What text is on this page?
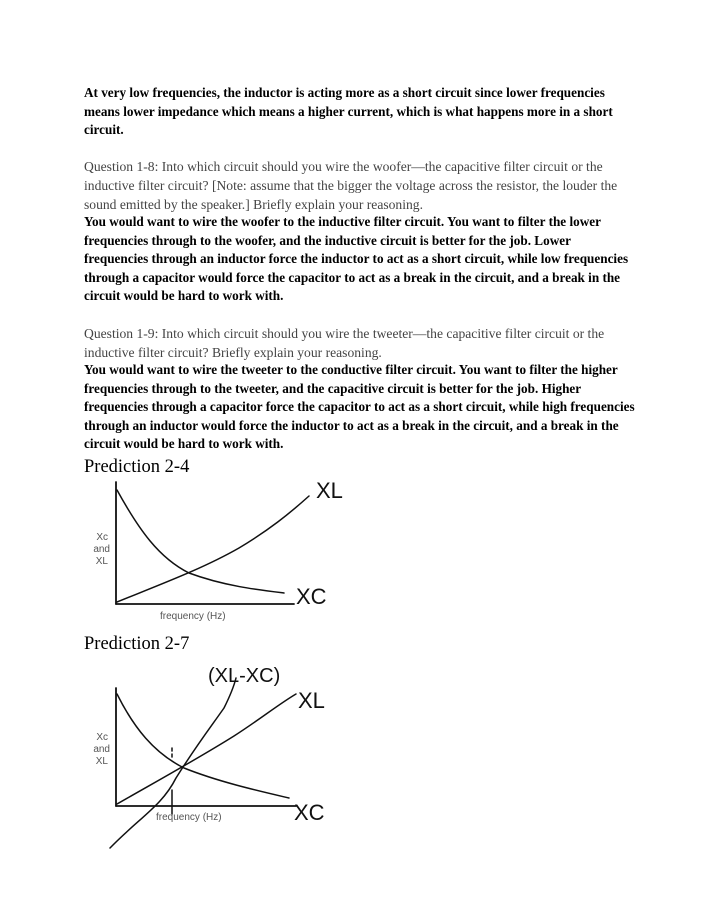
At very low frequencies, the inductor is acting more as a short circuit since lower frequencies means lower impedance which means a higher current, which is what happens more in a short circuit.

Question 1-8: Into which circuit should you wire the woofer—the capacitive filter circuit or the inductive filter circuit? [Note: assume that the bigger the voltage across the resistor, the louder the sound emitted by the speaker.] Briefly explain your reasoning.

You would want to wire the woofer to the inductive filter circuit. You want to filter the lower frequencies through to the woofer, and the inductive circuit is better for the job. Lower frequencies through an inductor force the inductor to act as a short circuit, while low frequencies through a capacitor would force the capacitor to act as a break in the circuit, and a break in the circuit would be hard to work with.

Question 1-9: Into which circuit should you wire the tweeter—the capacitive filter circuit or the inductive filter circuit? Briefly explain your reasoning.

You would want to wire the tweeter to the conductive filter circuit. You want to filter the higher frequencies through to the tweeter, and the capacitive circuit is better for the job. Higher frequencies through a capacitor force the capacitor to act as a short circuit, while high frequencies through an inductor would force the inductor to act as a break in the circuit, and a break in the circuit would be hard to work with.

Prediction 2-4
Xc
and
XL
frequency (Hz)
XL
XC
Prediction 2-7
Xc
and
XL
frequency (Hz)
(XL-XC)
XL
XC
